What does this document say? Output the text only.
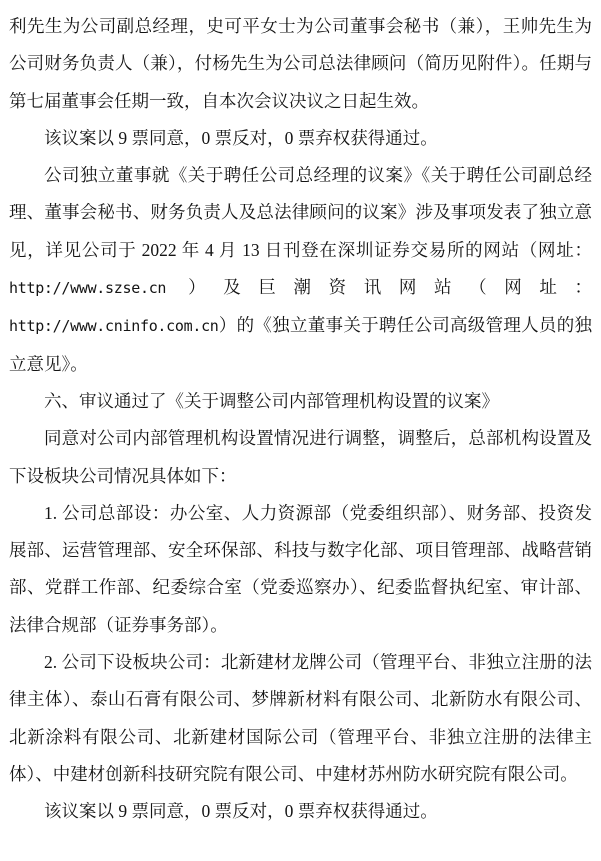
利先生为公司副总经理，史可平女士为公司董事会秘书（兼），王帅先生为公司财务负责人（兼），付杨先生为公司总法律顾问（简历见附件）。任期与第七届董事会任期一致，自本次会议决议之日起生效。

该议案以 9 票同意，0 票反对，0 票弃权获得通过。

公司独立董事就《关于聘任公司总经理的议案》《关于聘任公司副总经理、董事会秘书、财务负责人及总法律顾问的议案》涉及事项发表了独立意见，详见公司于 2022 年 4 月 13 日刊登在深圳证券交易所的网站（网址： http://www.szse.cn ）及巨潮资讯网站（网址：http://www.cninfo.com.cn）的《独立董事关于聘任公司高级管理人员的独立意见》。

六、审议通过了《关于调整公司内部管理机构设置的议案》

同意对公司内部管理机构设置情况进行调整，调整后，总部机构设置及下设板块公司情况具体如下：

1. 公司总部设：办公室、人力资源部（党委组织部）、财务部、投资发展部、运营管理部、安全环保部、科技与数字化部、项目管理部、战略营销部、党群工作部、纪委综合室（党委巡察办）、纪委监督执纪室、审计部、法律合规部（证券事务部）。

2. 公司下设板块公司：北新建材龙牌公司（管理平台、非独立注册的法律主体）、泰山石膏有限公司、梦牌新材料有限公司、北新防水有限公司、北新涂料有限公司、北新建材国际公司（管理平台、非独立注册的法律主体）、中建材创新科技研究院有限公司、中建材苏州防水研究院有限公司。

该议案以 9 票同意，0 票反对，0 票弃权获得通过。
